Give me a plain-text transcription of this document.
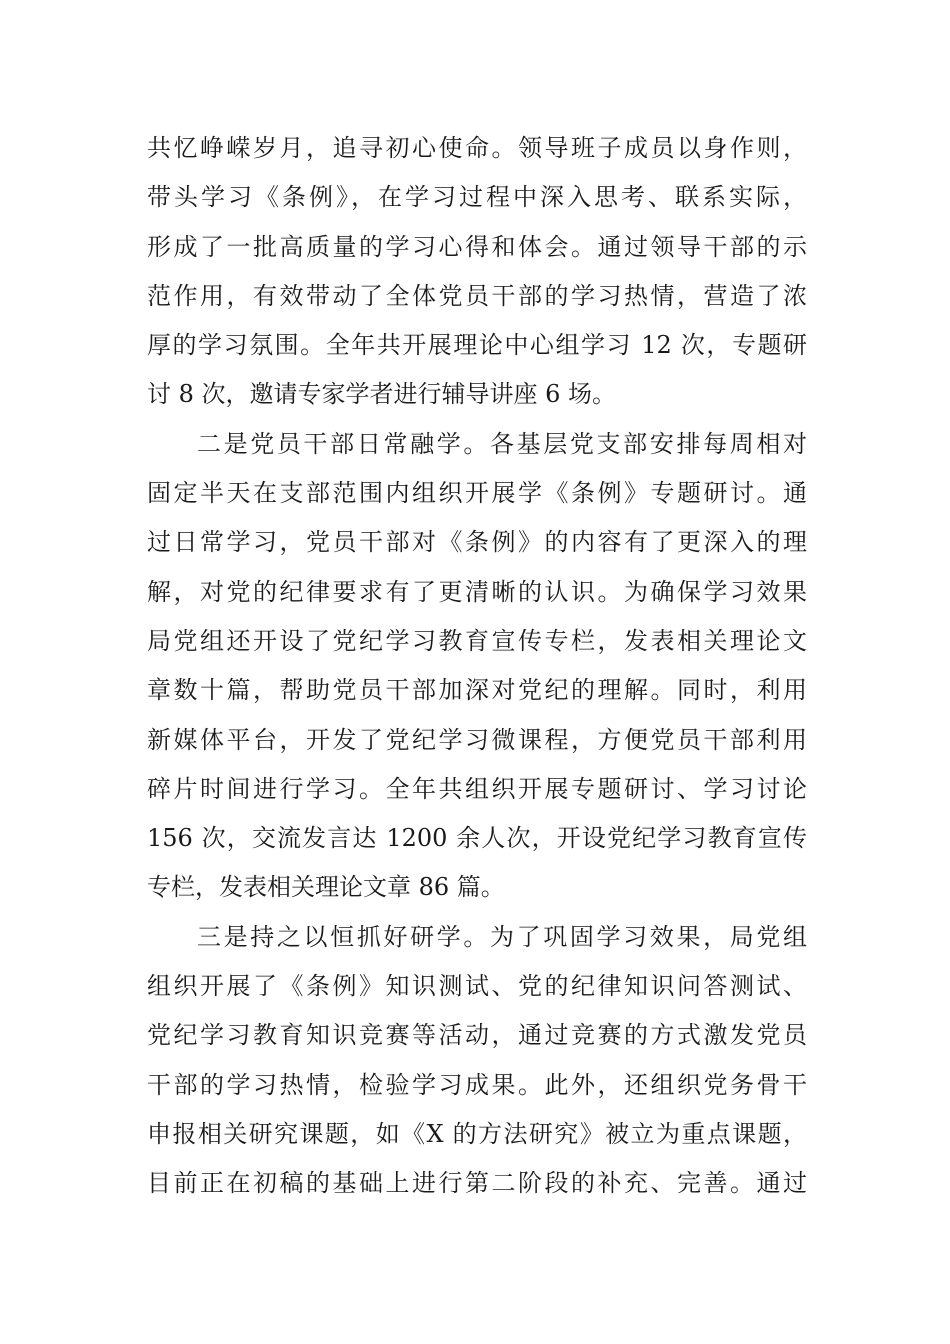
共忆峥嵘岁月，追寻初心使命。领导班子成员以身作则，
带头学习《条例》，在学习过程中深入思考、联系实际，
形成了一批高质量的学习心得和体会。通过领导干部的示
范作用，有效带动了全体党员干部的学习热情，营造了浓
厚的学习氛围。全年共开展理论中心组学习 12 次，专题研
讨 8 次，邀请专家学者进行辅导讲座 6 场。
二是党员干部日常融学。各基层党支部安排每周相对
固定半天在支部范围内组织开展学《条例》专题研讨。通
过日常学习，党员干部对《条例》的内容有了更深入的理
解，对党的纪律要求有了更清晰的认识。为确保学习效果
局党组还开设了党纪学习教育宣传专栏，发表相关理论文
章数十篇，帮助党员干部加深对党纪的理解。同时，利用
新媒体平台，开发了党纪学习微课程，方便党员干部利用
碎片时间进行学习。全年共组织开展专题研讨、学习讨论
156 次，交流发言达 1200 余人次，开设党纪学习教育宣传
专栏，发表相关理论文章 86 篇。
三是持之以恒抓好研学。为了巩固学习效果，局党组
组织开展了《条例》知识测试、党的纪律知识问答测试、
党纪学习教育知识竞赛等活动，通过竞赛的方式激发党员
干部的学习热情，检验学习成果。此外，还组织党务骨干
申报相关研究课题，如《X 的方法研究》被立为重点课题，
目前正在初稿的基础上进行第二阶段的补充、完善。通过
